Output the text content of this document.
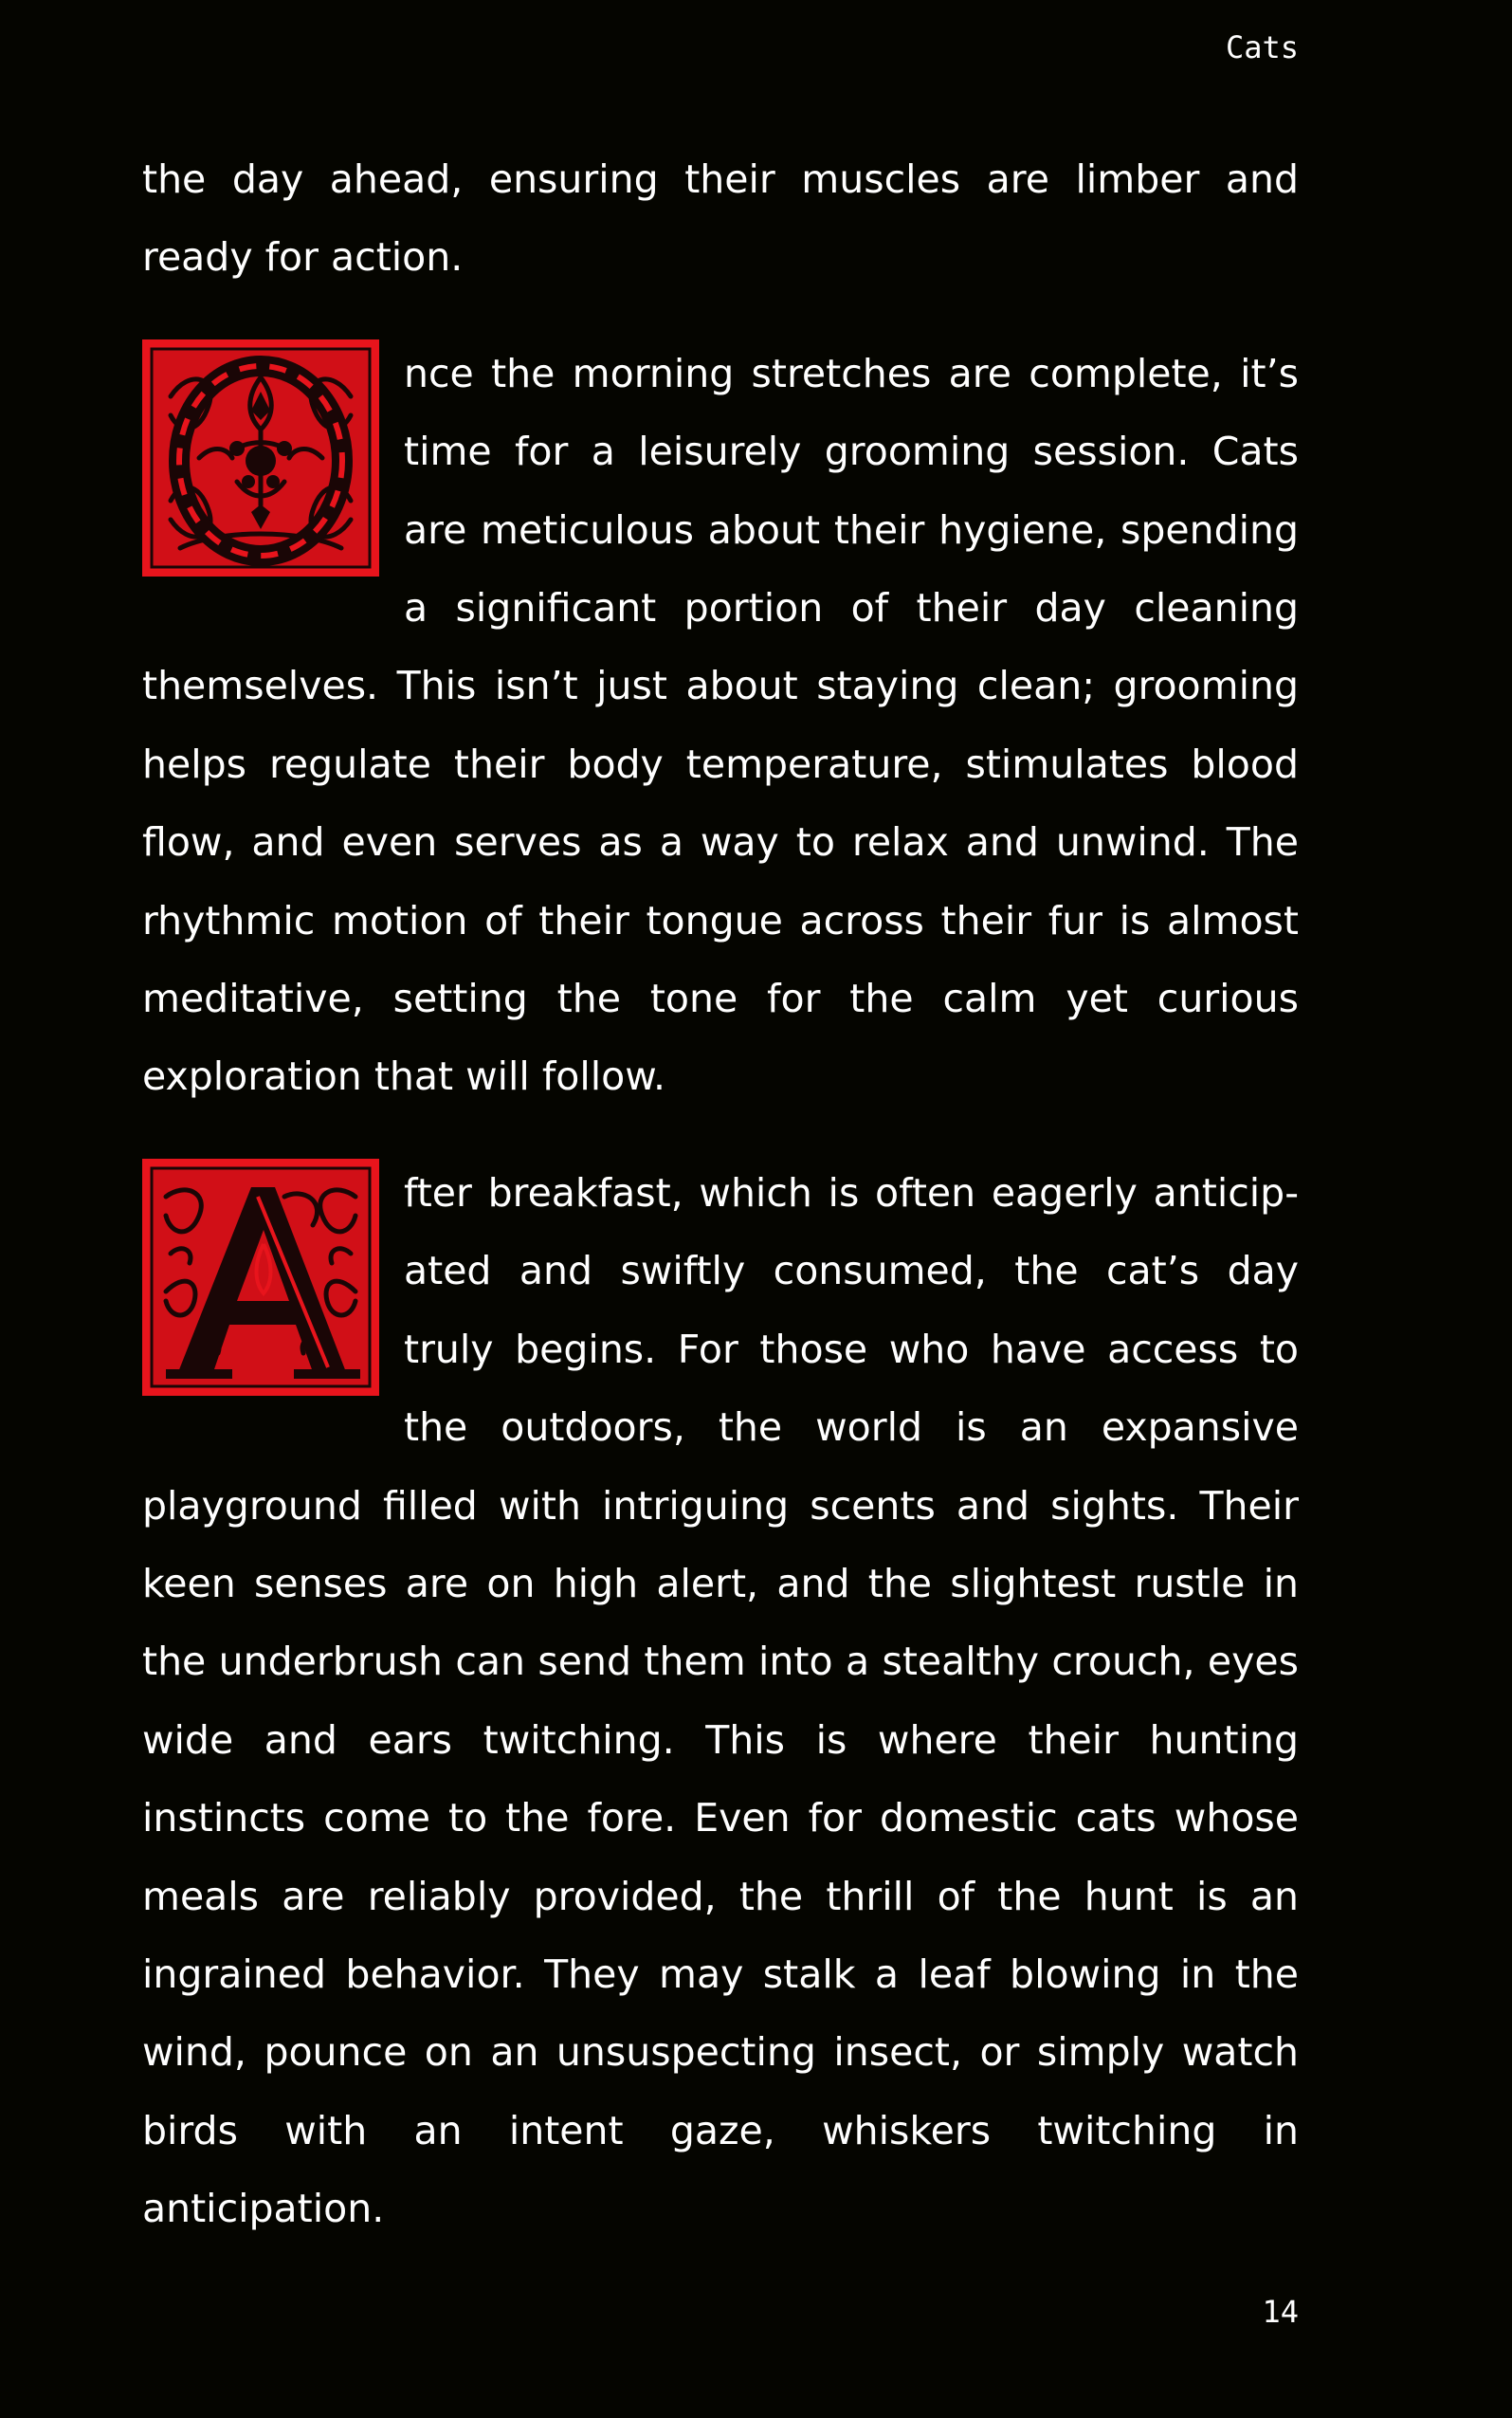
Cats

the day ahead, ensuring their muscles are limber and ready for action.

nce the morning stretches are complete, it’s time for a leisurely grooming session. Cats are meticulous about their hygiene, spending a significant portion of their day cleaning themselves. This isn’t just about staying clean; grooming helps regulate their body temperature, stimulates blood flow, and even serves as a way to relax and unwind. The rhythmic motion of their tongue across their fur is almost meditative, setting the tone for the calm yet curious exploration that will follow.

fter breakfast, which is often eagerly anticipated and swiftly consumed, the cat’s day truly begins. For those who have access to the outdoors, the world is an expansive playground filled with intriguing scents and sights. Their keen senses are on high alert, and the slightest rustle in the underbrush can send them into a stealthy crouch, eyes wide and ears twitching. This is where their hunting instincts come to the fore. Even for domestic cats whose meals are reliably provided, the thrill of the hunt is an ingrained behavior. They may stalk a leaf blowing in the wind, pounce on an unsuspecting insect, or simply watch birds with an intent gaze, whiskers twitching in anticipation.

14
